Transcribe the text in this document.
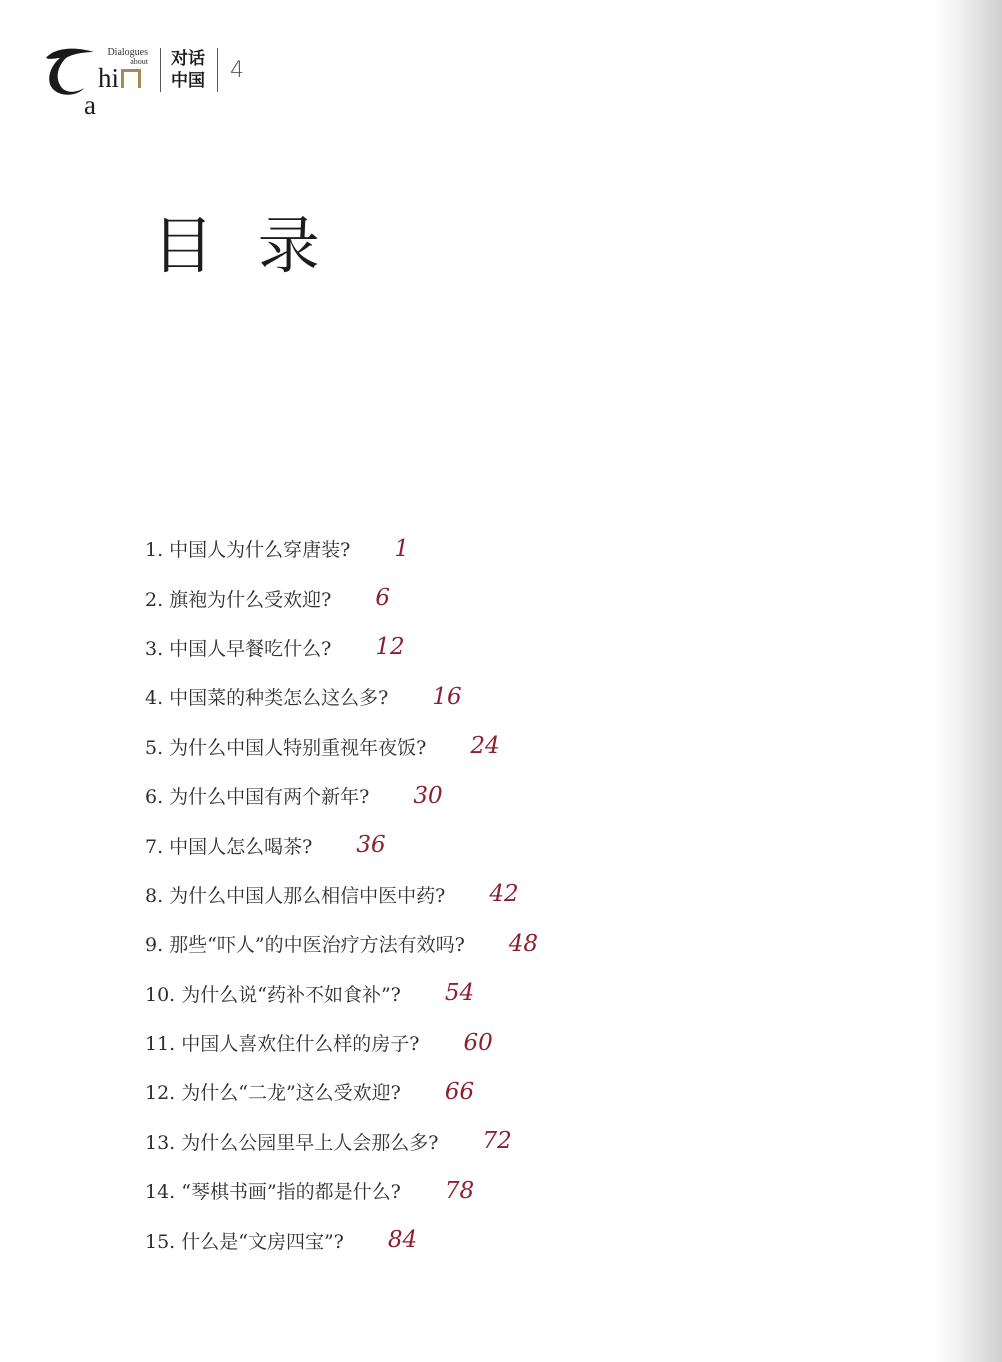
Dialogues
about
hia
对话
中国 4
目 录
1. 中国人为什么穿唐装? 1
2. 旗袍为什么受欢迎? 6
3. 中国人早餐吃什么? 12
4. 中国菜的种类怎么这么多? 16
5. 为什么中国人特别重视年夜饭? 24
6. 为什么中国有两个新年? 30
7. 中国人怎么喝茶? 36
8. 为什么中国人那么相信中医中药? 42
9. 那些“吓人”的中医治疗方法有效吗? 48
10. 为什么说“药补不如食补”? 54
11. 中国人喜欢住什么样的房子? 60
12. 为什么“二龙”这么受欢迎? 66
13. 为什么公园里早上人会那么多? 72
14. “琴棋书画”指的都是什么? 78
15. 什么是“文房四宝”? 84
